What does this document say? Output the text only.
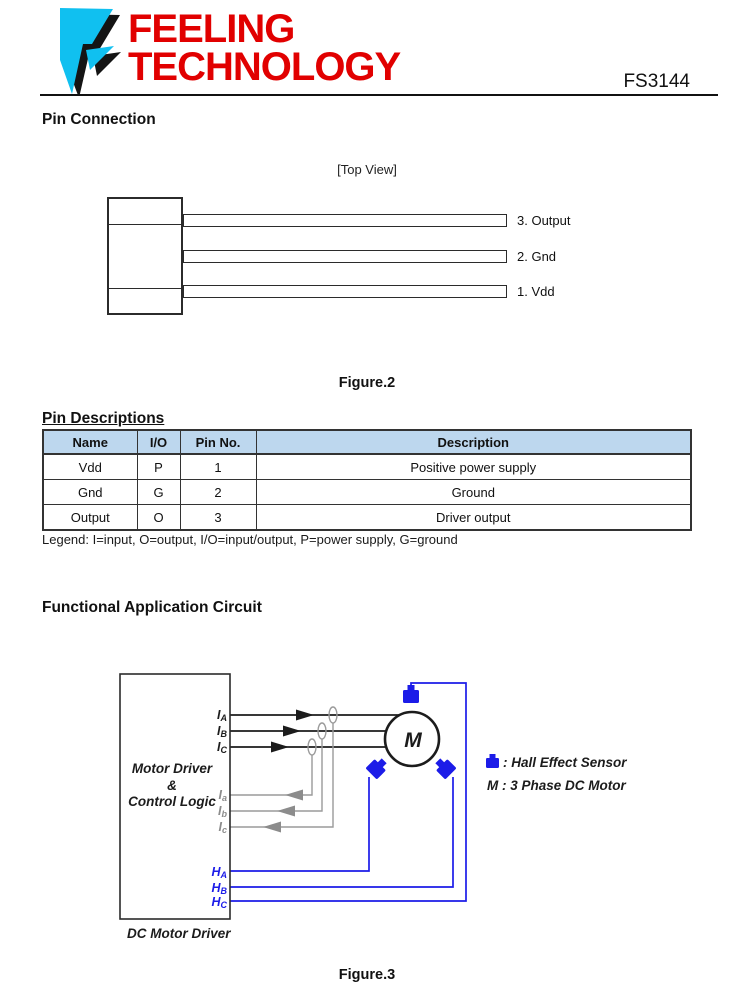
FEELING
TECHNOLOGY	FS3144
Pin Connection
[Top View]
3. Output
2. Gnd
1. Vdd
Figure.2
Pin Descriptions
Name	I/O	Pin No.	Description
Vdd	P	1	Positive power supply
Gnd	G	2	Ground
Output	O	3	Driver output
Legend: I=input, O=output, I/O=input/output, P=power supply, G=ground
Functional Application Circuit
Motor Driver
&
Control Logic
M
IA
IB
IC
Ia
Ib
Ic
HA
HB
HC
DC Motor Driver
: Hall Effect Sensor
M : 3 Phase DC Motor
Figure.3
